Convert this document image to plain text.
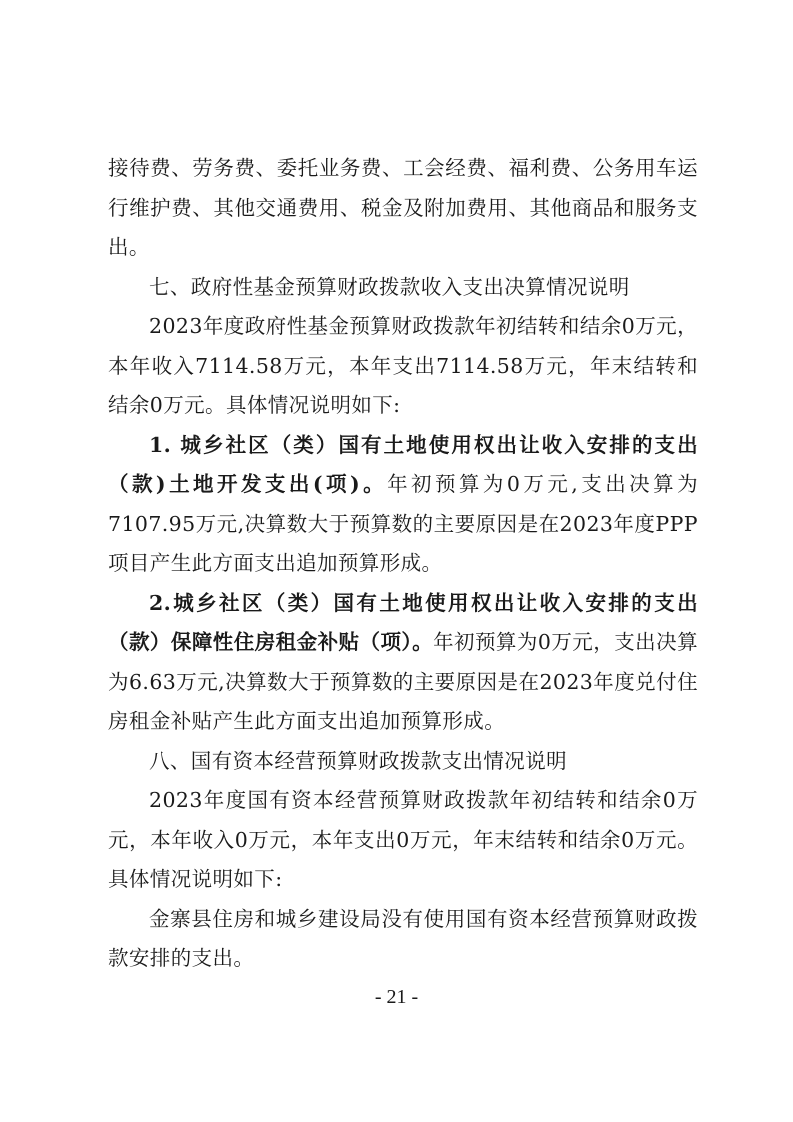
接待费、劳务费、委托业务费、工会经费、福利费、公务用车运行维护费、其他交通费用、税金及附加费用、其他商品和服务支出。

七、政府性基金预算财政拨款收入支出决算情况说明

2023年度政府性基金预算财政拨款年初结转和结余0万元，本年收入7114.58万元，本年支出7114.58万元，年末结转和结余0万元。具体情况说明如下:

1. 城乡社区（类）国有土地使用权出让收入安排的支出（款)土地开发支出(项)。年初预算为0万元,支出决算为7107.95万元,决算数大于预算数的主要原因是在2023年度PPP项目产生此方面支出追加预算形成。

2.城乡社区（类）国有土地使用权出让收入安排的支出（款）保障性住房租金补贴（项）。年初预算为0万元，支出决算为6.63万元,决算数大于预算数的主要原因是在2023年度兑付住房租金补贴产生此方面支出追加预算形成。

八、国有资本经营预算财政拨款支出情况说明

2023年度国有资本经营预算财政拨款年初结转和结余0万元，本年收入0万元，本年支出0万元，年末结转和结余0万元。具体情况说明如下:

金寨县住房和城乡建设局没有使用国有资本经营预算财政拨款安排的支出。

- 21 -
